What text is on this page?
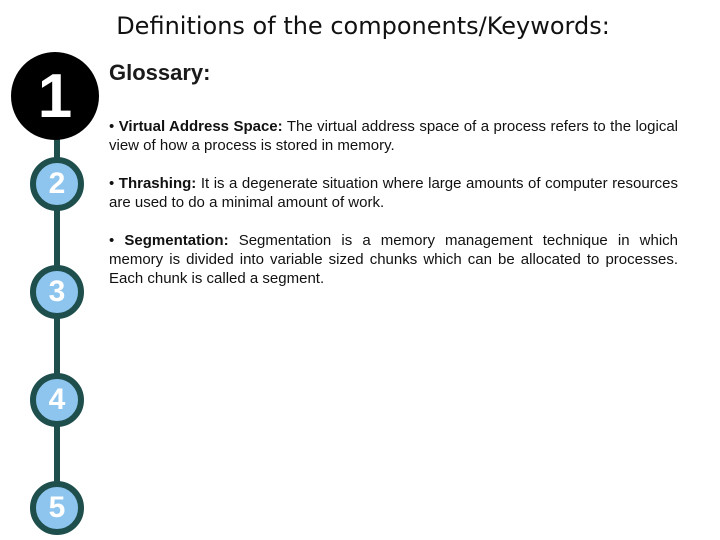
Definitions of the components/Keywords:
1
2
3
4
5
Glossary:
• Virtual Address Space: The virtual address space of a process refers to the logical view of how a process is stored in memory.
• Thrashing: It is a degenerate situation where large amounts of computer resources are used to do a minimal amount of work.
• Segmentation: Segmentation is a memory management technique in which memory is divided into variable sized chunks which can be allocated to processes. Each chunk is called a segment.
